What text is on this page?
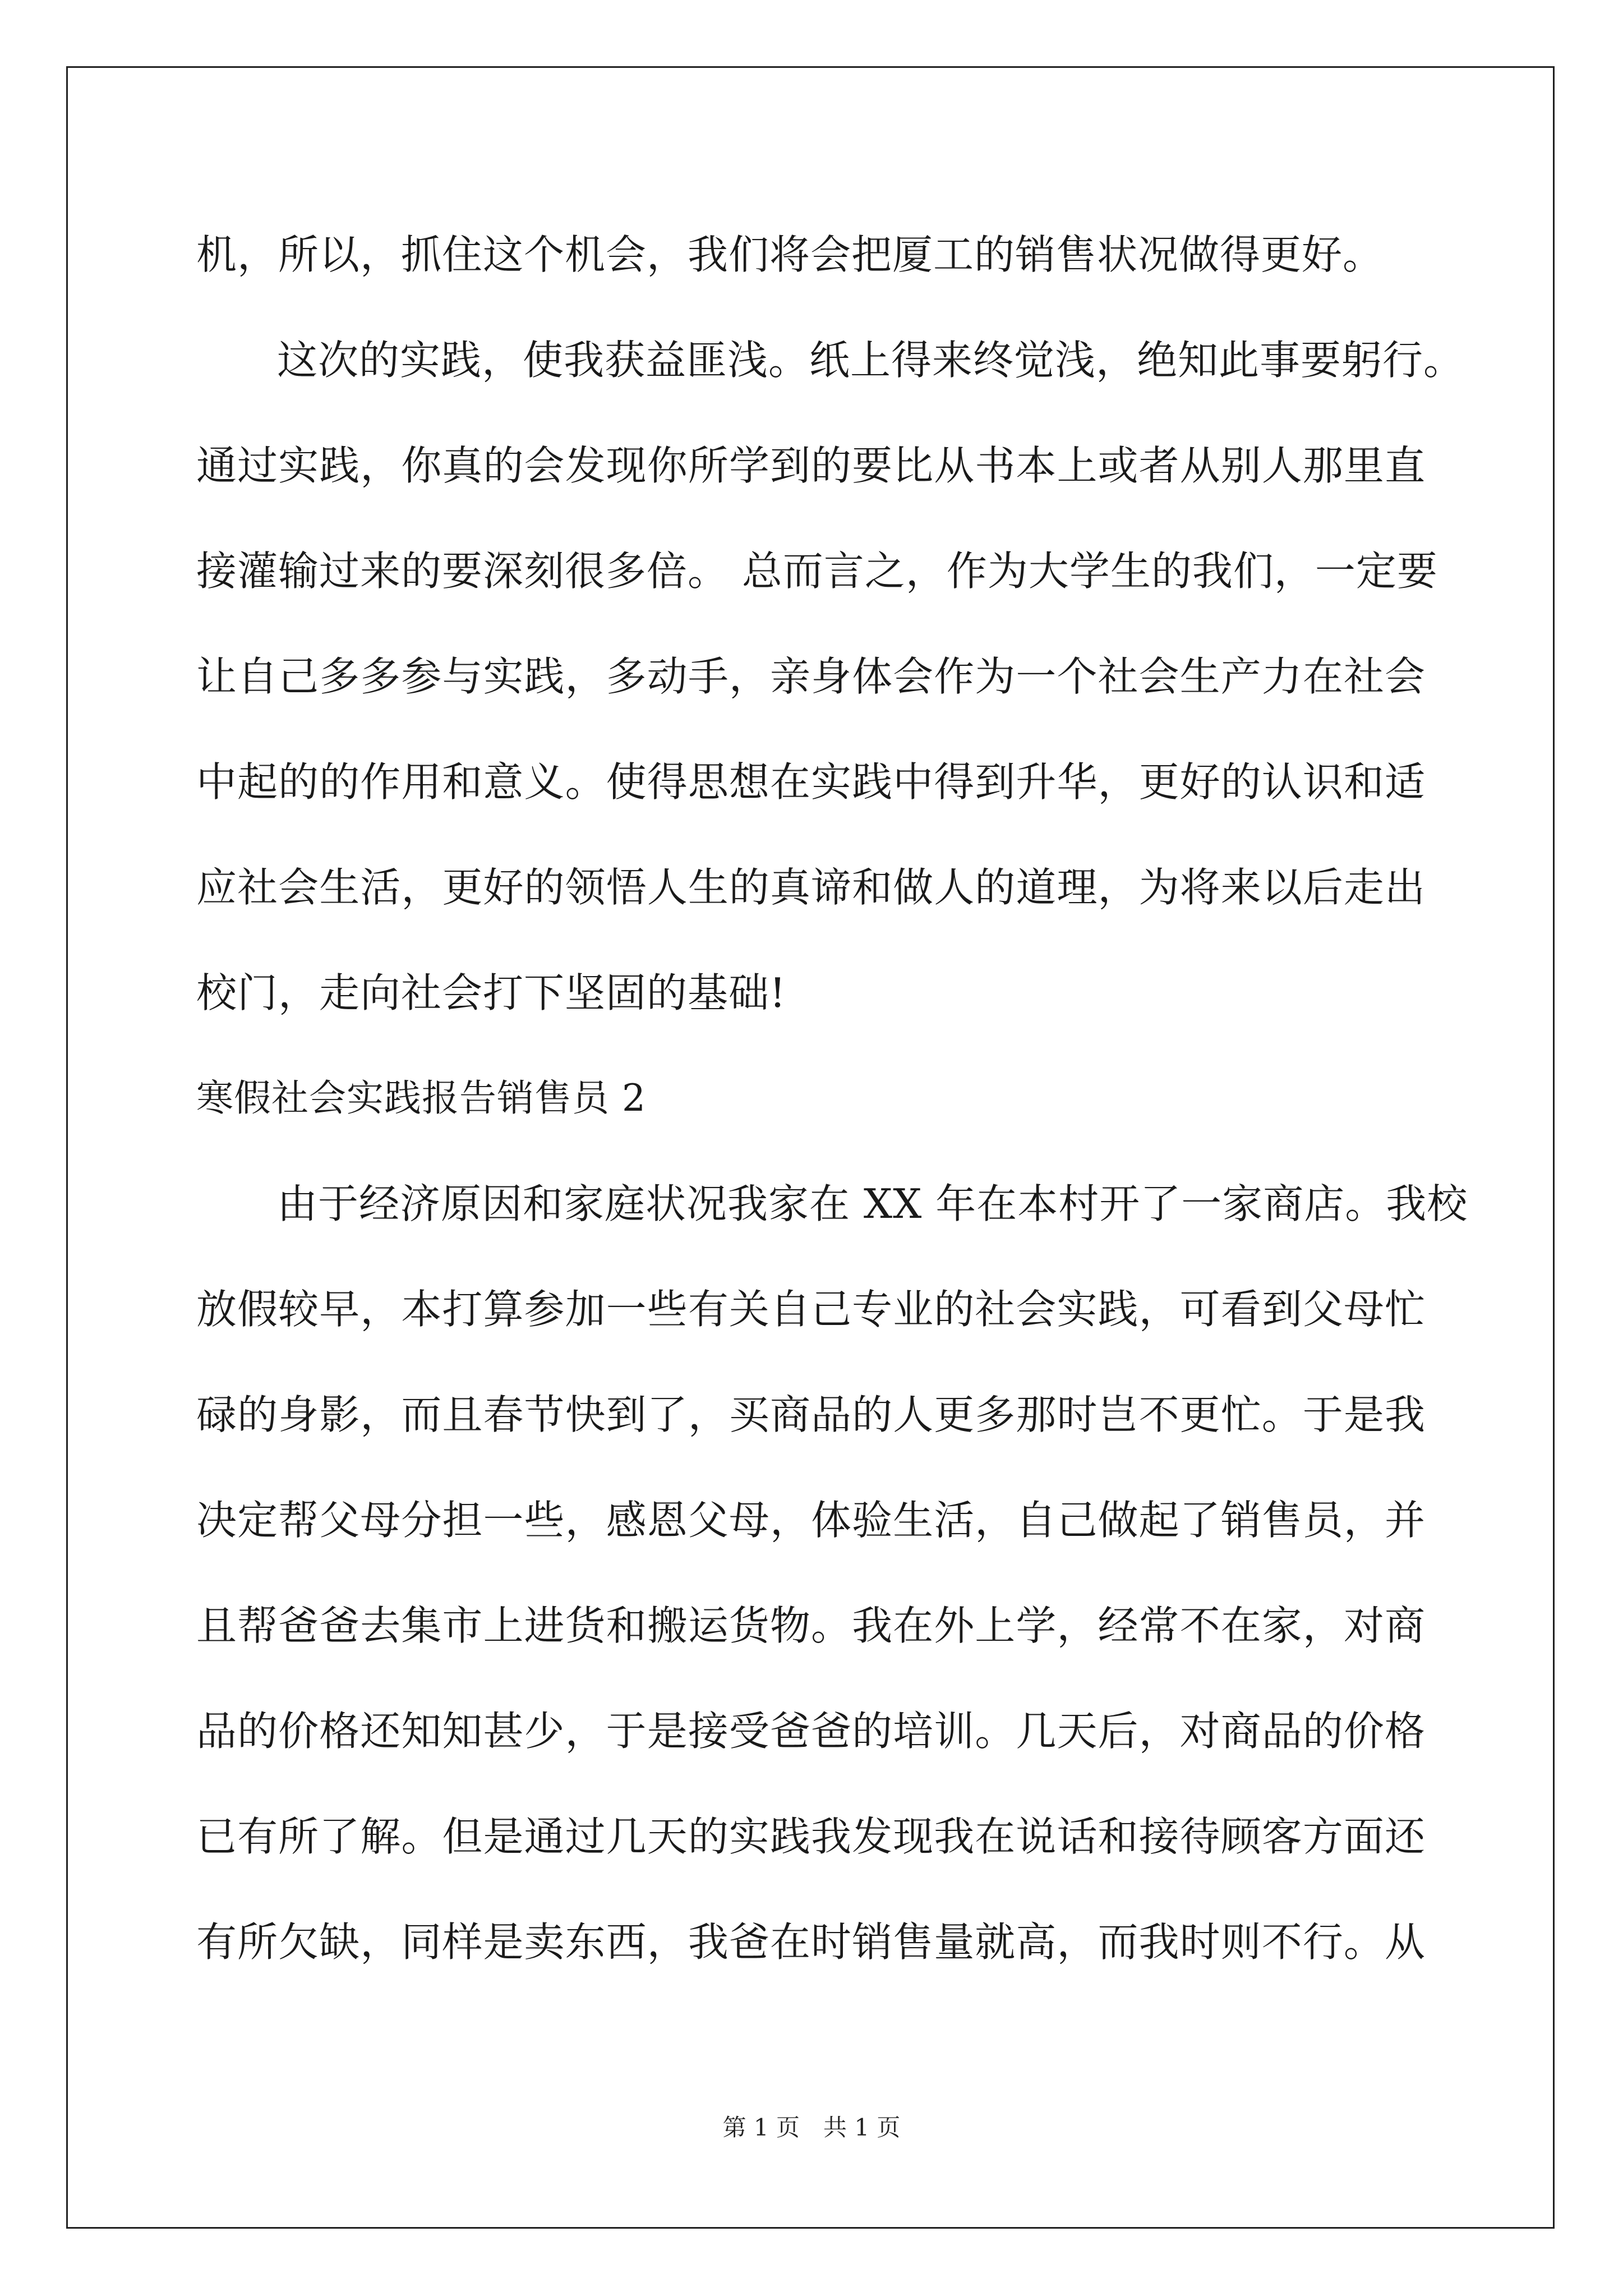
机，所以，抓住这个机会，我们将会把厦工的销售状况做得更好。
这次的实践，使我获益匪浅。纸上得来终觉浅，绝知此事要躬行。
通过实践，你真的会发现你所学到的要比从书本上或者从别人那里直
接灌输过来的要深刻很多倍。 总而言之，作为大学生的我们，一定要
让自己多多参与实践，多动手，亲身体会作为一个社会生产力在社会
中起的的作用和意义。使得思想在实践中得到升华，更好的认识和适
应社会生活，更好的领悟人生的真谛和做人的道理，为将来以后走出
校门，走向社会打下坚固的基础!
寒假社会实践报告销售员 2
由于经济原因和家庭状况我家在 XX 年在本村开了一家商店。我校
放假较早，本打算参加一些有关自己专业的社会实践，可看到父母忙
碌的身影，而且春节快到了，买商品的人更多那时岂不更忙。于是我
决定帮父母分担一些，感恩父母，体验生活，自己做起了销售员，并
且帮爸爸去集市上进货和搬运货物。我在外上学，经常不在家，对商
品的价格还知知甚少，于是接受爸爸的培训。几天后，对商品的价格
已有所了解。但是通过几天的实践我发现我在说话和接待顾客方面还
有所欠缺，同样是卖东西，我爸在时销售量就高，而我时则不行。从
第 1 页　共 1 页
